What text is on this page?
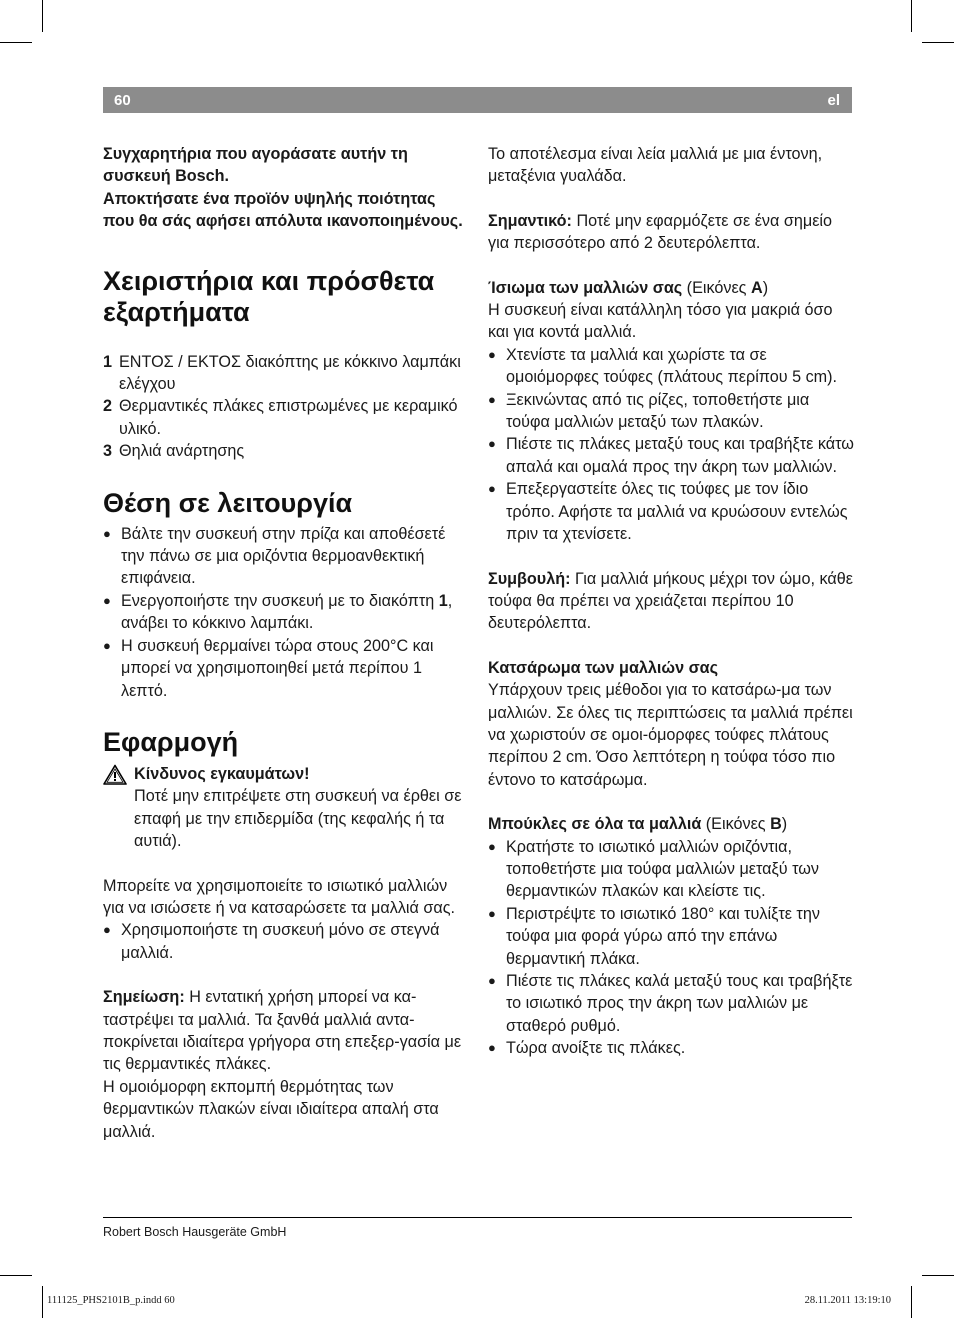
60	el

Συγχαρητήρια που αγοράσατε αυτήν τη συσκευή Bosch.

Αποκτήσατε ένα προϊόν υψηλής ποιότητας που θα σάς αφήσει απόλυτα ικανοποιημένους.

Χειριστήρια και πρόσθετα εξαρτήματα
1 ΕΝΤΟΣ / ΕΚΤΟΣ διακόπτης με κόκκινο λαμπάκι ελέγχου
2 Θερμαντικές πλάκες επιστρωμένες με κεραμικό υλικό.
3 Θηλιά ανάρτησης
Θέση σε λειτουργία
● Βάλτε την συσκευή στην πρίζα και αποθέσετέ την πάνω σε μια οριζόντια θερμοανθεκτική επιφάνεια.
● Ενεργοποιήστε την συσκευή με το διακόπτη 1, ανάβει το κόκκινο λαμπάκι.
● Η συσκευή θερμαίνει τώρα στους 200°C και μπορεί να χρησιμοποιηθεί μετά περίπου 1 λεπτό.
Εφαρμογή

Κίνδυνος εγκαυμάτων!

Ποτέ μην επιτρέψετε στη συσκευή να έρθει σε επαφή με την επιδερμίδα (της κεφαλής ή τα αυτιά).

Μπορείτε να χρησιμοποιείτε το ισιωτικό μαλλιών για να ισιώσετε ή να κατσαρώσετε τα μαλλιά σας.

● Χρησιμοποιήστε τη συσκευή μόνο σε στεγνά μαλλιά.

Σημείωση: Η εντατική χρήση μπορεί να κα-ταστρέψει τα μαλλιά. Τα ξανθά μαλλιά αντα-ποκρίνεται ιδιαίτερα γρήγορα στη επεξερ-γασία με τις θερμαντικές πλάκες.

Η ομοιόμορφη εκπομπή θερμότητας των θερμαντικών πλακών είναι ιδιαίτερα απαλή στα μαλλιά.

Το αποτέλεσμα είναι λεία μαλλιά με μια έντονη, μεταξένια γυαλάδα.

Σημαντικό: Ποτέ μην εφαρμόζετε σε ένα σημείο για περισσότερο από 2 δευτερόλεπτα.

Ίσιωμα των μαλλιών σας (Εικόνες A)

Η συσκευή είναι κατάλληλη τόσο για μακριά όσο και για κοντά μαλλιά.

● Χτενίστε τα μαλλιά και χωρίστε τα σε ομοιόμορφες τούφες (πλάτους περίπου 5 cm).
● Ξεκινώντας από τις ρίζες, τοποθετήστε μια τούφα μαλλιών μεταξύ των πλακών.
● Πιέστε τις πλάκες μεταξύ τους και τραβήξτε κάτω απαλά και ομαλά προς την άκρη των μαλλιών.
● Επεξεργαστείτε όλες τις τούφες με τον ίδιο τρόπο. Αφήστε τα μαλλιά να κρυώσουν εντελώς πριν τα χτενίσετε.

Συμβουλή: Για μαλλιά μήκους μέχρι τον ώμο, κάθε τούφα θα πρέπει να χρειάζεται περίπου 10 δευτερόλεπτα.

Κατσάρωμα των μαλλιών σας

Υπάρχουν τρεις μέθοδοι για το κατσάρω-μα των μαλλιών. Σε όλες τις περιπτώσεις τα μαλλιά πρέπει να χωριστούν σε ομοι-όμορφες τούφες πλάτους περίπου 2 cm. Όσο λεπτότερη η τούφα τόσο πιο έντονο το κατσάρωμα.

Μπούκλες σε όλα τα μαλλιά (Εικόνες B)

● Κρατήστε το ισιωτικό μαλλιών οριζόντια, τοποθετήστε μια τούφα μαλλιών μεταξύ των θερμαντικών πλακών και κλείστε τις.
● Περιστρέψτε το ισιωτικό 180° και τυλίξτε την τούφα μια φορά γύρω από την επάνω θερμαντική πλάκα.
● Πιέστε τις πλάκες καλά μεταξύ τους και τραβήξτε το ισιωτικό προς την άκρη των μαλλιών με σταθερό ρυθμό.
● Τώρα ανοίξτε τις πλάκες.
Robert Bosch Hausgeräte GmbH
111125_PHS2101B_p.indd 60	28.11.2011 13:19:10
